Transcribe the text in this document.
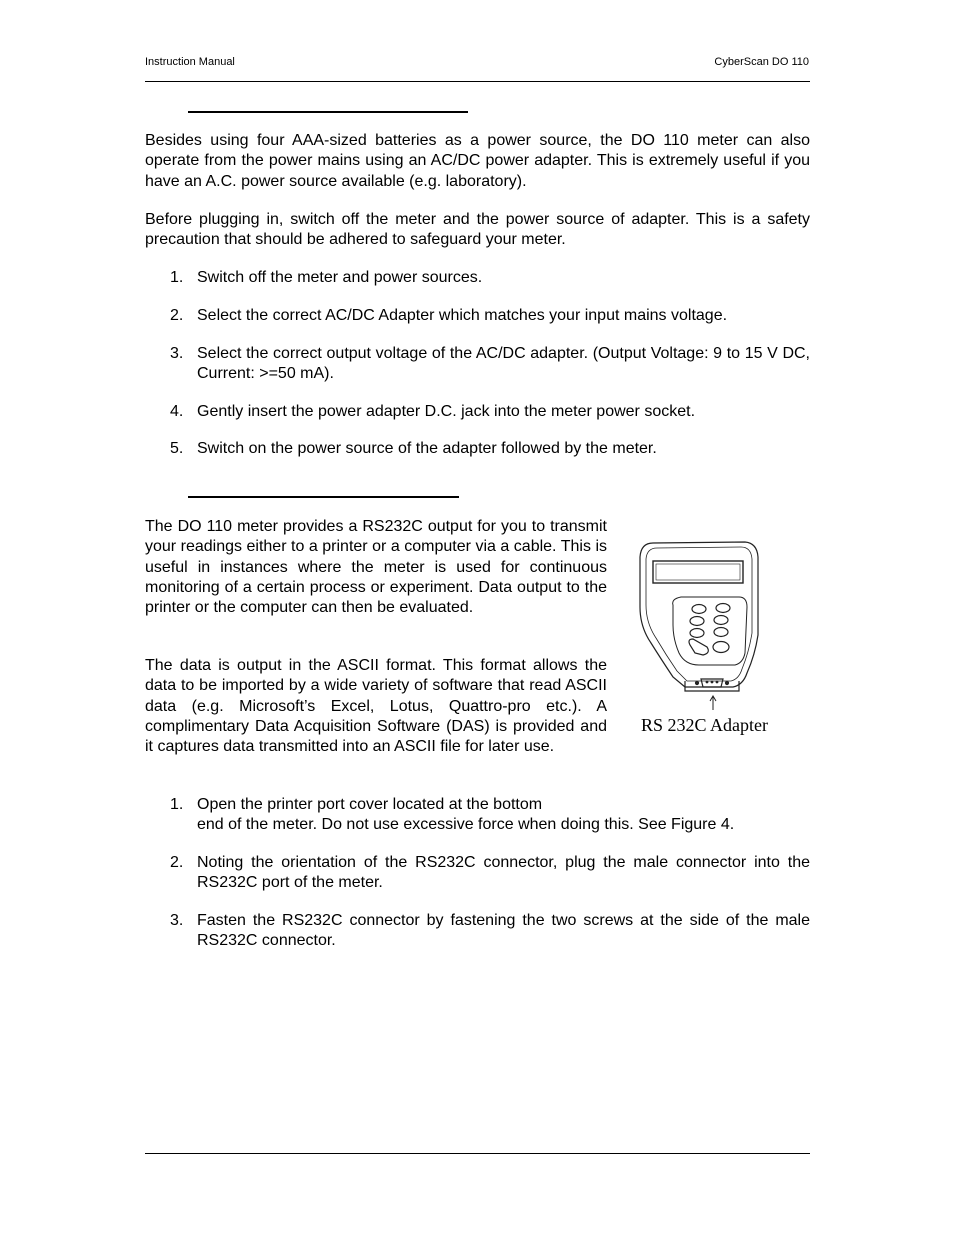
Instruction Manual	CyberScan DO 110

Besides using four AAA-sized batteries as a power source, the DO 110 meter can also operate from the power mains using an AC/DC power adapter. This is extremely useful if you have an A.C. power source available (e.g. laboratory).

Before plugging in, switch off the meter and the power source of adapter. This is a safety precaution that should be adhered to safeguard your meter.

1. Switch off the meter and power sources.
2. Select the correct AC/DC Adapter which matches your input mains voltage.
3. Select the correct output voltage of the AC/DC adapter. (Output Voltage: 9 to 15 V DC, Current: >=50 mA).
4. Gently insert the power adapter D.C. jack into the meter power socket.
5. Switch on the power source of the adapter followed by the meter.

The DO 110 meter provides a RS232C output for you to transmit your readings either to a printer or a computer via a cable. This is useful in instances where the meter is used for continuous monitoring of a certain process or experiment. Data output to the printer or the computer can then be evaluated.

The data is output in the ASCII format. This format allows the data to be imported by a wide variety of software that read ASCII data (e.g. Microsoft’s Excel, Lotus, Quattro-pro etc.). A complimentary Data Acquisition Software (DAS) is provided and it captures data transmitted into an ASCII file for later use.

RS 232C Adapter
1. Open the printer port cover located at the bottom
end of the meter. Do not use excessive force when doing this. See Figure 4.
2. Noting the orientation of the RS232C connector, plug the male connector into the RS232C port of the meter.
3. Fasten the RS232C connector by fastening the two screws at the side of the male RS232C connector.
